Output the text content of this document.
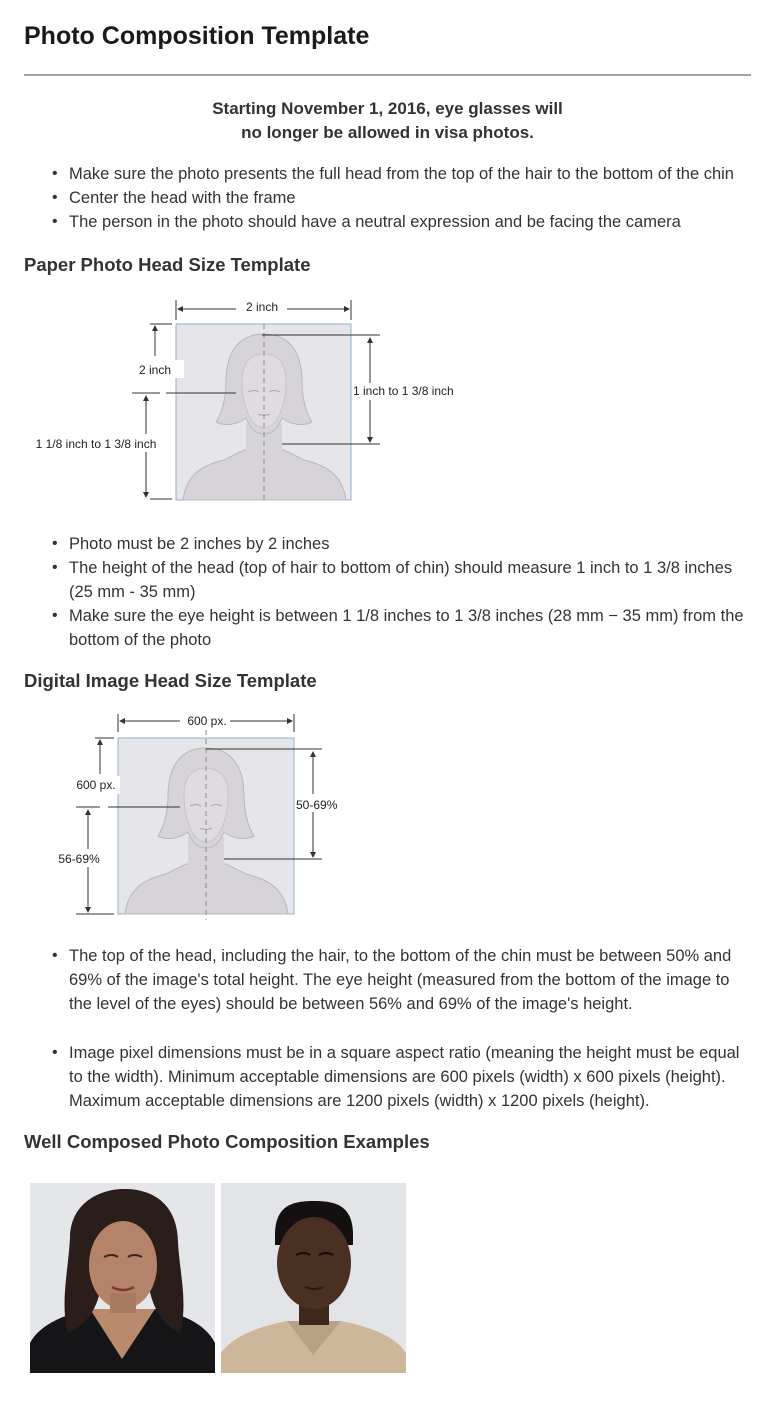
Photo Composition Template
Starting November 1, 2016, eye glasses will
no longer be allowed in visa photos.
• Make sure the photo presents the full head from the top of the hair to the bottom of the chin
• Center the head with the frame
• The person in the photo should have a neutral expression and be facing the camera
Paper Photo Head Size Template
2 inch
2 inch
1 1/8 inch to 1 3/8 inch
1 inch to 1 3/8 inch
• Photo must be 2 inches by 2 inches
• The height of the head (top of hair to bottom of chin) should measure 1 inch to 1 3/8 inches (25 mm - 35 mm)
• Make sure the eye height is between 1 1/8 inches to 1 3/8 inches (28 mm − 35 mm) from the bottom of the photo
Digital Image Head Size Template
600 px.
600 px.
56-69%
50-69%
• The top of the head, including the hair, to the bottom of the chin must be between 50% and 69% of the image's total height. The eye height (measured from the bottom of the image to the level of the eyes) should be between 56% and 69% of the image's height.
• Image pixel dimensions must be in a square aspect ratio (meaning the height must be equal to the width). Minimum acceptable dimensions are 600 pixels (width) x 600 pixels (height). Maximum acceptable dimensions are 1200 pixels (width) x 1200 pixels (height).
Well Composed Photo Composition Examples
